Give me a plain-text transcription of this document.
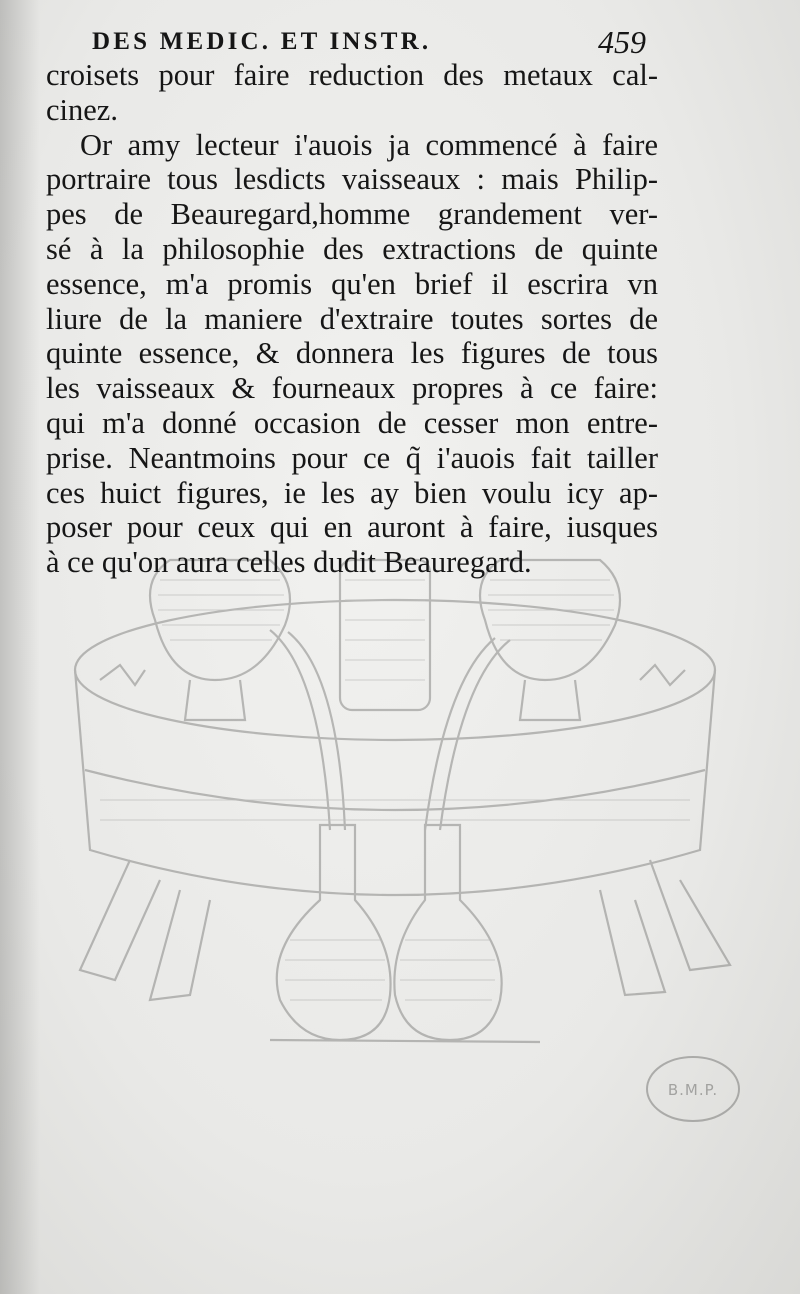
DES MEDIC. ET INSTR.	459
croisets pour faire reduction des metaux cal-
cinez.
Or amy lecteur i'auois ja commencé à faire
portraire tous lesdicts vaisseaux : mais Philip-
pes de Beauregard,homme grandement ver-
sé à la philosophie des extractions de quinte
essence, m'a promis qu'en brief il escrira vn
liure de la maniere d'extraire toutes sortes de
quinte essence, & donnera les figures de tous
les vaisseaux & fourneaux propres à ce faire:
qui m'a donné occasion de cesser mon entre-
prise. Neantmoins pour ce q̃ i'auois fait tailler
ces huict figures, ie les ay bien voulu icy ap-
poser pour ceux qui en auront à faire, iusques
à ce qu'on aura celles dudit Beauregard.
B.M.P.
